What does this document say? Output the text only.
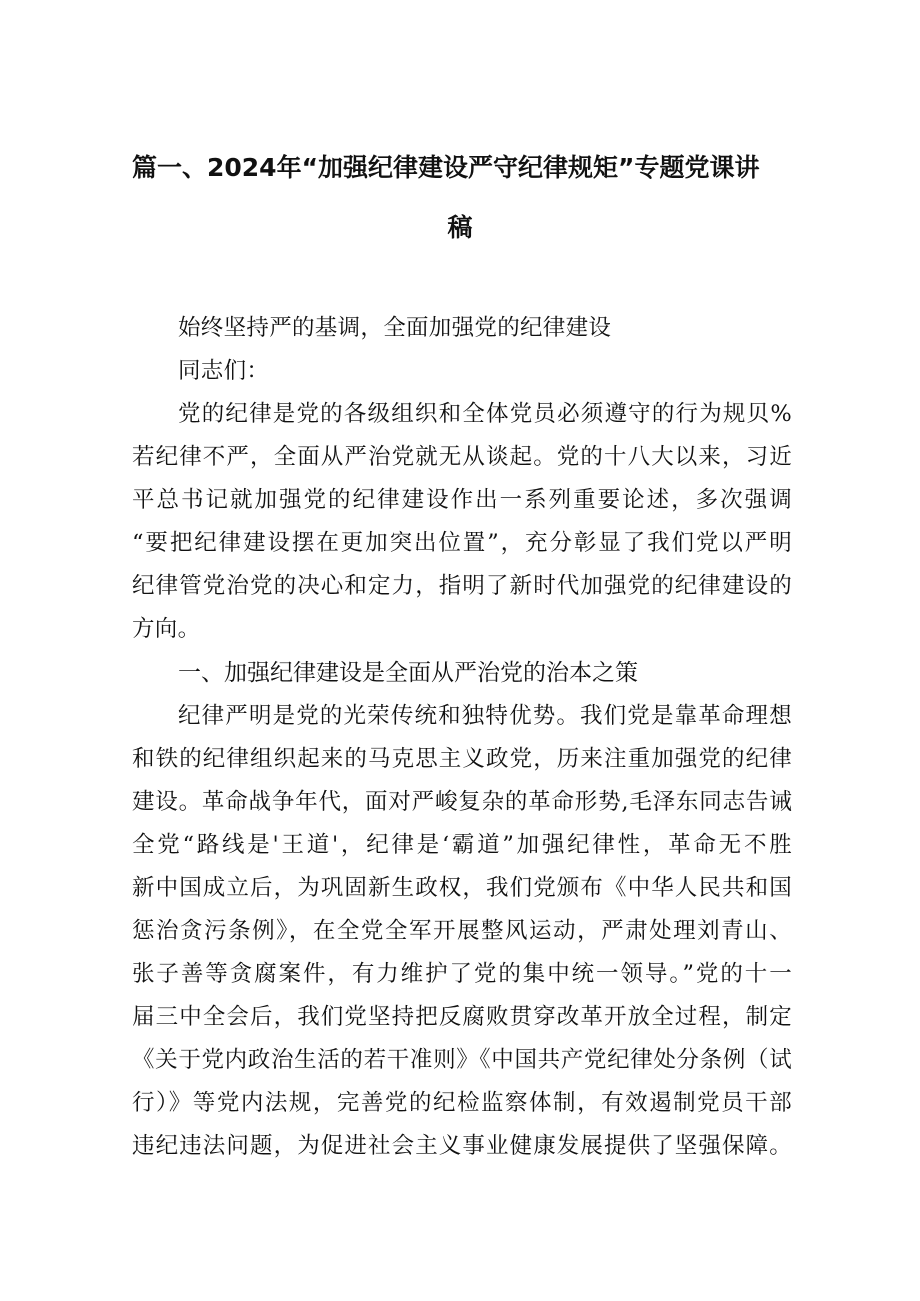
篇一、2024年“加强纪律建设严守纪律规矩”专题党课讲
稿
始终坚持严的基调，全面加强党的纪律建设
同志们：
党的纪律是党的各级组织和全体党员必须遵守的行为规贝%
若纪律不严，全面从严治党就无从谈起。党的十八大以来，习近
平总书记就加强党的纪律建设作出一系列重要论述，多次强调
“要把纪律建设摆在更加突出位置”，充分彰显了我们党以严明
纪律管党治党的决心和定力，指明了新时代加强党的纪律建设的
方向。
一、加强纪律建设是全面从严治党的治本之策
纪律严明是党的光荣传统和独特优势。我们党是靠革命理想
和铁的纪律组织起来的马克思主义政党，历来注重加强党的纪律
建设。革命战争年代，面对严峻复杂的革命形势,毛泽东同志告诫
全党“路线是'王道'，纪律是‘霸道”加强纪律性，革命无不胜
新中国成立后，为巩固新生政权，我们党颁布《中华人民共和国
惩治贪污条例》，在全党全军开展整风运动，严肃处理刘青山、
张子善等贪腐案件，有力维护了党的集中统一领导。”党的十一
届三中全会后，我们党坚持把反腐败贯穿改革开放全过程，制定
《关于党内政治生活的若干准则》《中国共产党纪律处分条例（试
行）》等党内法规，完善党的纪检监察体制，有效遏制党员干部
违纪违法问题，为促进社会主义事业健康发展提供了坚强保障。
